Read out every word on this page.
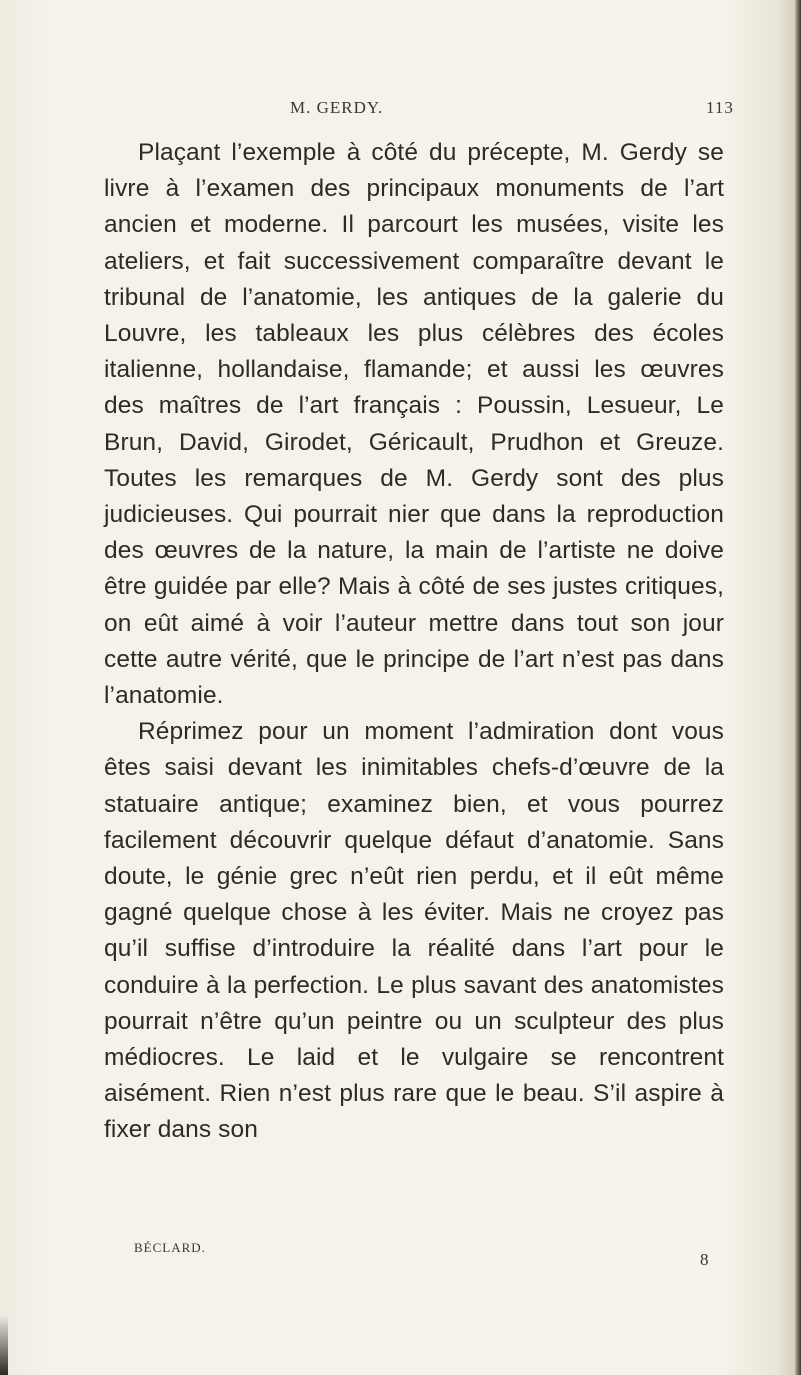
M. GERDY.	113

Plaçant l’exemple à côté du précepte, M. Gerdy se livre à l’examen des principaux monuments de l’art ancien et moderne. Il parcourt les musées, visite les ateliers, et fait successivement comparaître devant le tribunal de l’anatomie, les antiques de la galerie du Louvre, les tableaux les plus célèbres des écoles italienne, hollandaise, flamande; et aussi les œuvres des maîtres de l’art français : Poussin, Lesueur, Le Brun, David, Girodet, Géricault, Prudhon et Greuze. Toutes les remarques de M. Gerdy sont des plus judicieuses. Qui pourrait nier que dans la reproduction des œuvres de la nature, la main de l’artiste ne doive être guidée par elle? Mais à côté de ses justes critiques, on eût aimé à voir l’auteur mettre dans tout son jour cette autre vérité, que le principe de l’art n’est pas dans l’anatomie.

Réprimez pour un moment l’admiration dont vous êtes saisi devant les inimitables chefs-d’œuvre de la statuaire antique; examinez bien, et vous pourrez facilement découvrir quelque défaut d’anatomie. Sans doute, le génie grec n’eût rien perdu, et il eût même gagné quelque chose à les éviter. Mais ne croyez pas qu’il suffise d’introduire la réalité dans l’art pour le conduire à la perfection. Le plus savant des anatomistes pourrait n’être qu’un peintre ou un sculpteur des plus médiocres. Le laid et le vulgaire se rencontrent aisément. Rien n’est plus rare que le beau. S’il aspire à fixer dans son

BÉCLARD.
8
